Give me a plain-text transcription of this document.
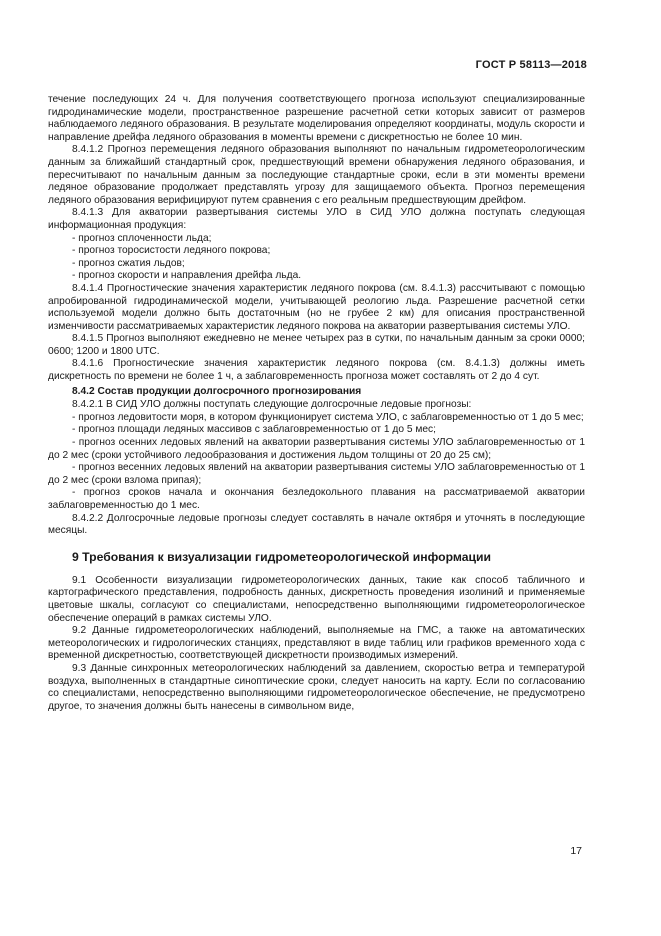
ГОСТ Р 58113—2018

течение последующих 24 ч. Для получения соответствующего прогноза используют специализированные гидродинамические модели, пространственное разрешение расчетной сетки которых зависит от размеров наблюдаемого ледяного образования. В результате моделирования определяют координаты, модуль скорости и направление дрейфа ледяного образования в моменты времени с дискретностью не более 10 мин.

8.4.1.2 Прогноз перемещения ледяного образования выполняют по начальным гидрометеорологическим данным за ближайший стандартный срок, предшествующий времени обнаружения ледяного образования, и пересчитывают по начальным данным за последующие стандартные сроки, если в эти моменты времени ледяное образование продолжает представлять угрозу для защищаемого объекта. Прогноз перемещения ледяного образования верифицируют путем сравнения с его реальным предшествующим дрейфом.

8.4.1.3 Для акватории развертывания системы УЛО в СИД УЛО должна поступать следующая информационная продукция:

- прогноз сплоченности льда;

- прогноз торосистости ледяного покрова;

- прогноз сжатия льдов;

- прогноз скорости и направления дрейфа льда.

8.4.1.4 Прогностические значения характеристик ледяного покрова (см. 8.4.1.3) рассчитывают с помощью апробированной гидродинамической модели, учитывающей реологию льда. Разрешение расчетной сетки используемой модели должно быть достаточным (но не грубее 2 км) для описания пространственной изменчивости рассматриваемых характеристик ледяного покрова на акватории развертывания системы УЛО.

8.4.1.5 Прогноз выполняют ежедневно не менее четырех раз в сутки, по начальным данным за сроки 0000; 0600; 1200 и 1800 UTC.

8.4.1.6 Прогностические значения характеристик ледяного покрова (см. 8.4.1.3) должны иметь дискретность по времени не более 1 ч, а заблаговременность прогноза может составлять от 2 до 4 сут.

8.4.2 Состав продукции долгосрочного прогнозирования

8.4.2.1 В СИД УЛО должны поступать следующие долгосрочные ледовые прогнозы:

- прогноз ледовитости моря, в котором функционирует система УЛО, с заблаговременностью от 1 до 5 мес;

- прогноз площади ледяных массивов с заблаговременностью от 1 до 5 мес;

- прогноз осенних ледовых явлений на акватории развертывания системы УЛО заблаговременностью от 1 до 2 мес (сроки устойчивого ледообразования и достижения льдом толщины от 20 до 25 см);

- прогноз весенних ледовых явлений на акватории развертывания системы УЛО заблаговременностью от 1 до 2 мес (сроки взлома припая);

- прогноз сроков начала и окончания безледокольного плавания на рассматриваемой акватории заблаговременностью до 1 мес.

8.4.2.2 Долгосрочные ледовые прогнозы следует составлять в начале октября и уточнять в последующие месяцы.

9 Требования к визуализации гидрометеорологической информации

9.1 Особенности визуализации гидрометеорологических данных, такие как способ табличного и картографического представления, подробность данных, дискретность проведения изолиний и применяемые цветовые шкалы, согласуют со специалистами, непосредственно выполняющими гидрометеорологическое обеспечение операций в рамках системы УЛО.

9.2 Данные гидрометеорологических наблюдений, выполняемые на ГМС, а также на автоматических метеорологических и гидрологических станциях, представляют в виде таблиц или графиков временного хода с временной дискретностью, соответствующей дискретности производимых измерений.

9.3 Данные синхронных метеорологических наблюдений за давлением, скоростью ветра и температурой воздуха, выполненных в стандартные синоптические сроки, следует наносить на карту. Если по согласованию со специалистами, непосредственно выполняющими гидрометеорологическое обеспечение, не предусмотрено другое, то значения должны быть нанесены в символьном виде,

17
